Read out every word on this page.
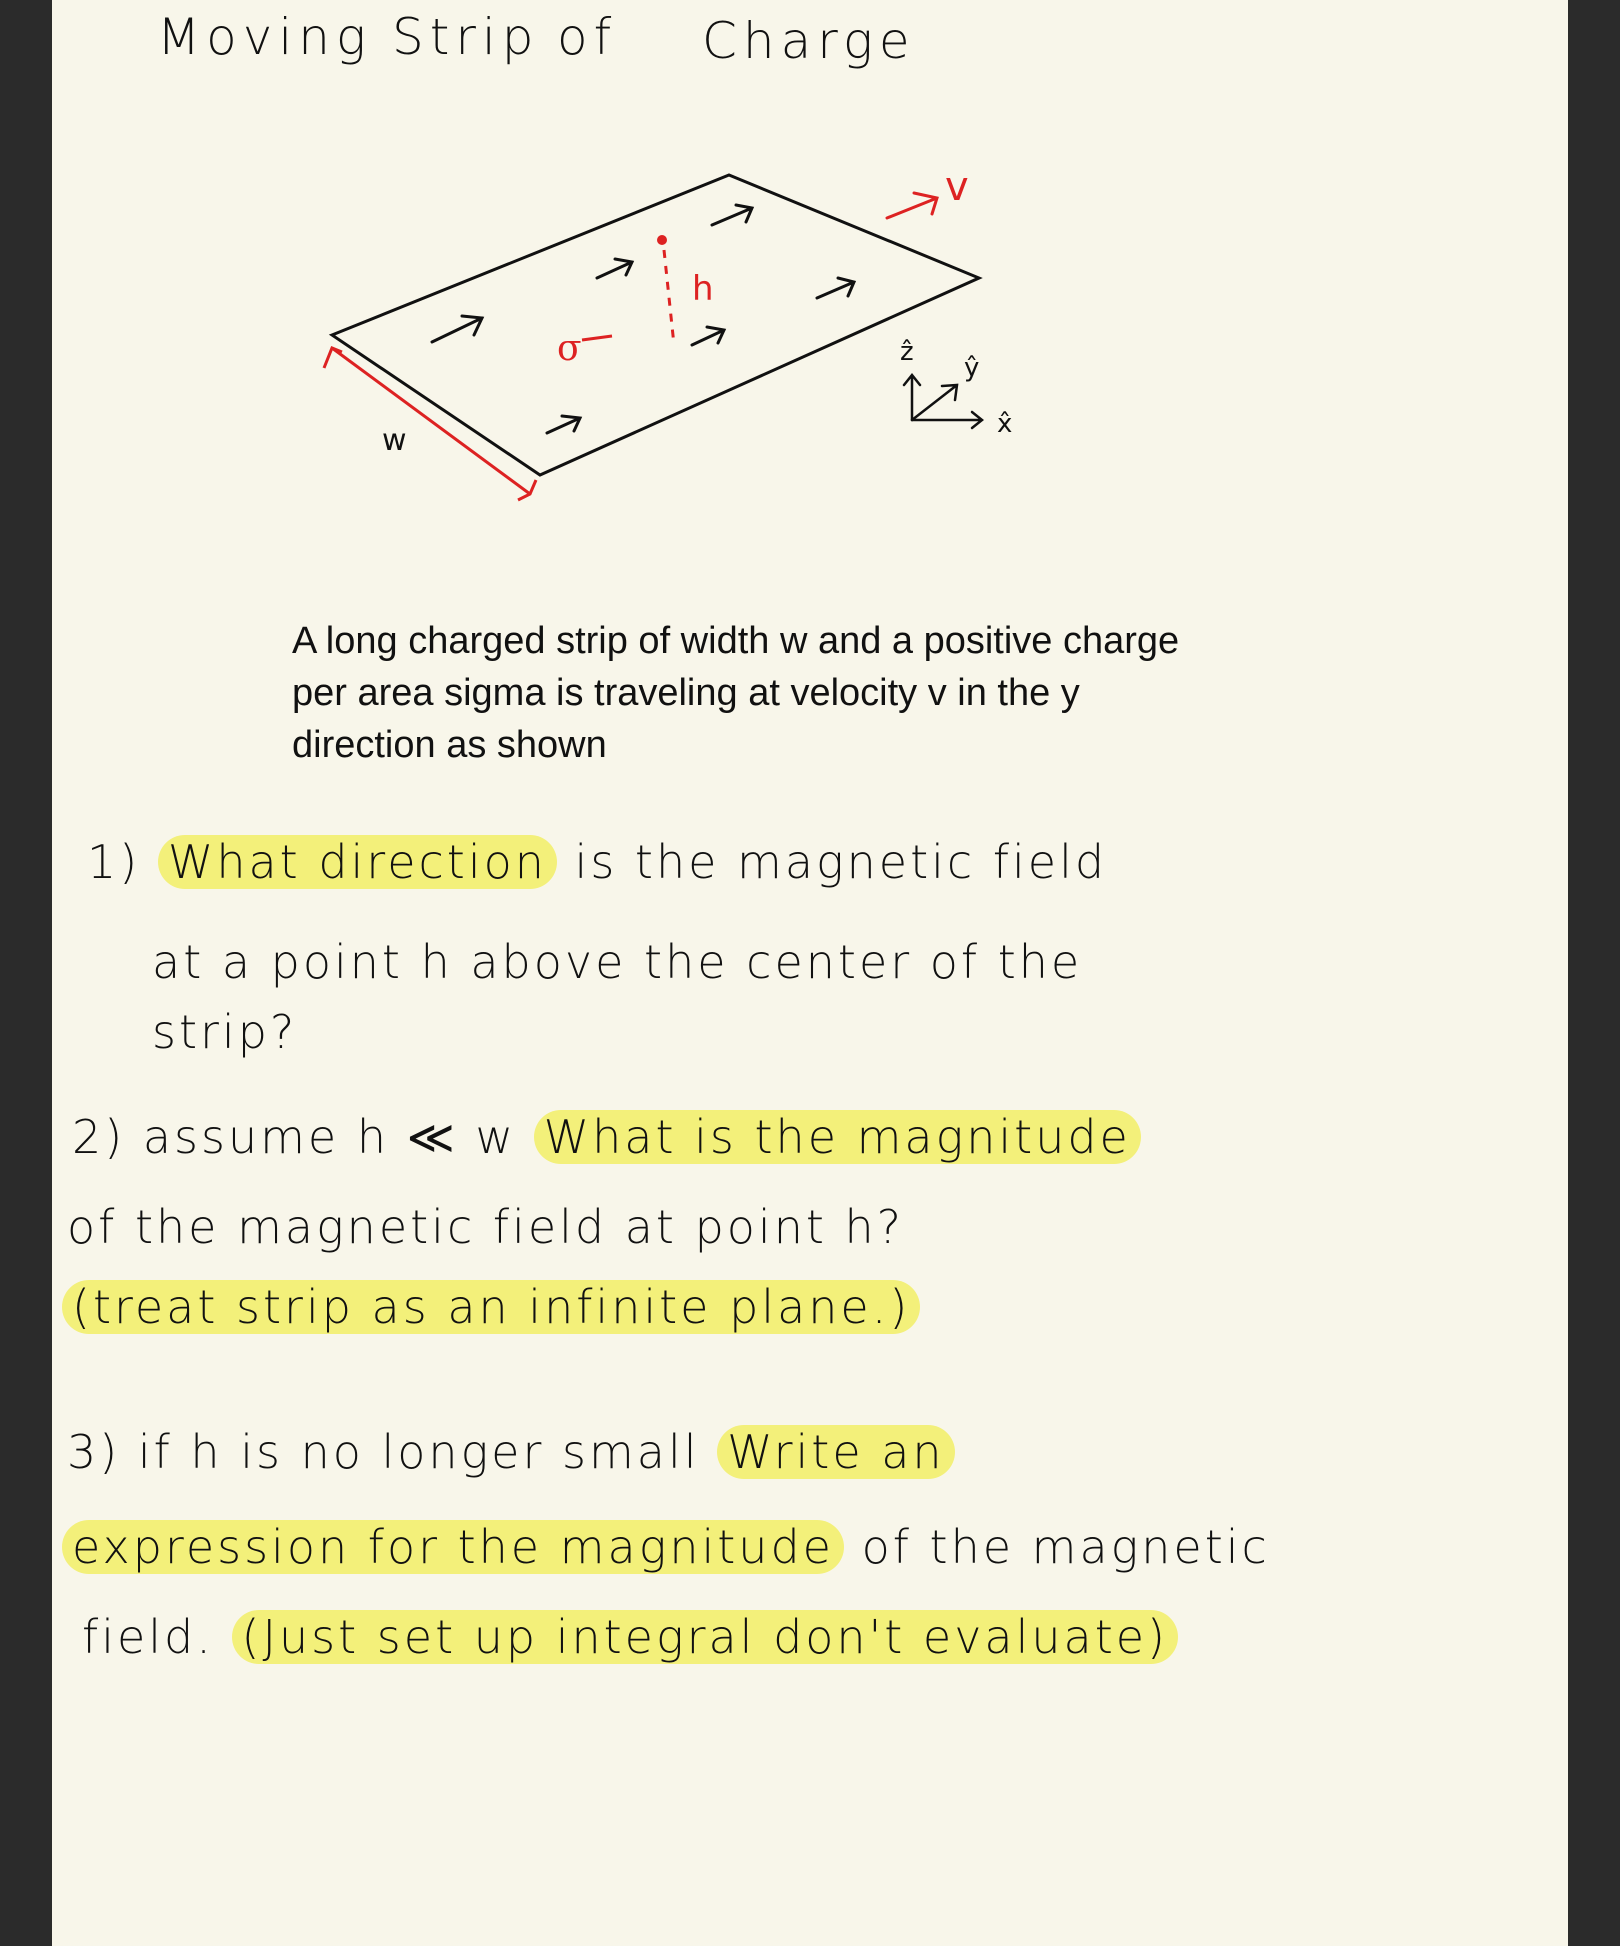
Moving Strip of Charge
w
σ
h
v
ẑ
ŷ
x̂
A long charged strip of width w and a positive charge
per area sigma is traveling at velocity v in the y
direction as shown
1) What direction is the magnetic field
at a point h above the center of the
strip?
2) assume h ≪ w What is the magnitude
of the magnetic field at point h?
(treat strip as an infinite plane.)
3) if h is no longer small Write an
expression for the magnitude of the magnetic
field. (Just set up integral don't evaluate)
